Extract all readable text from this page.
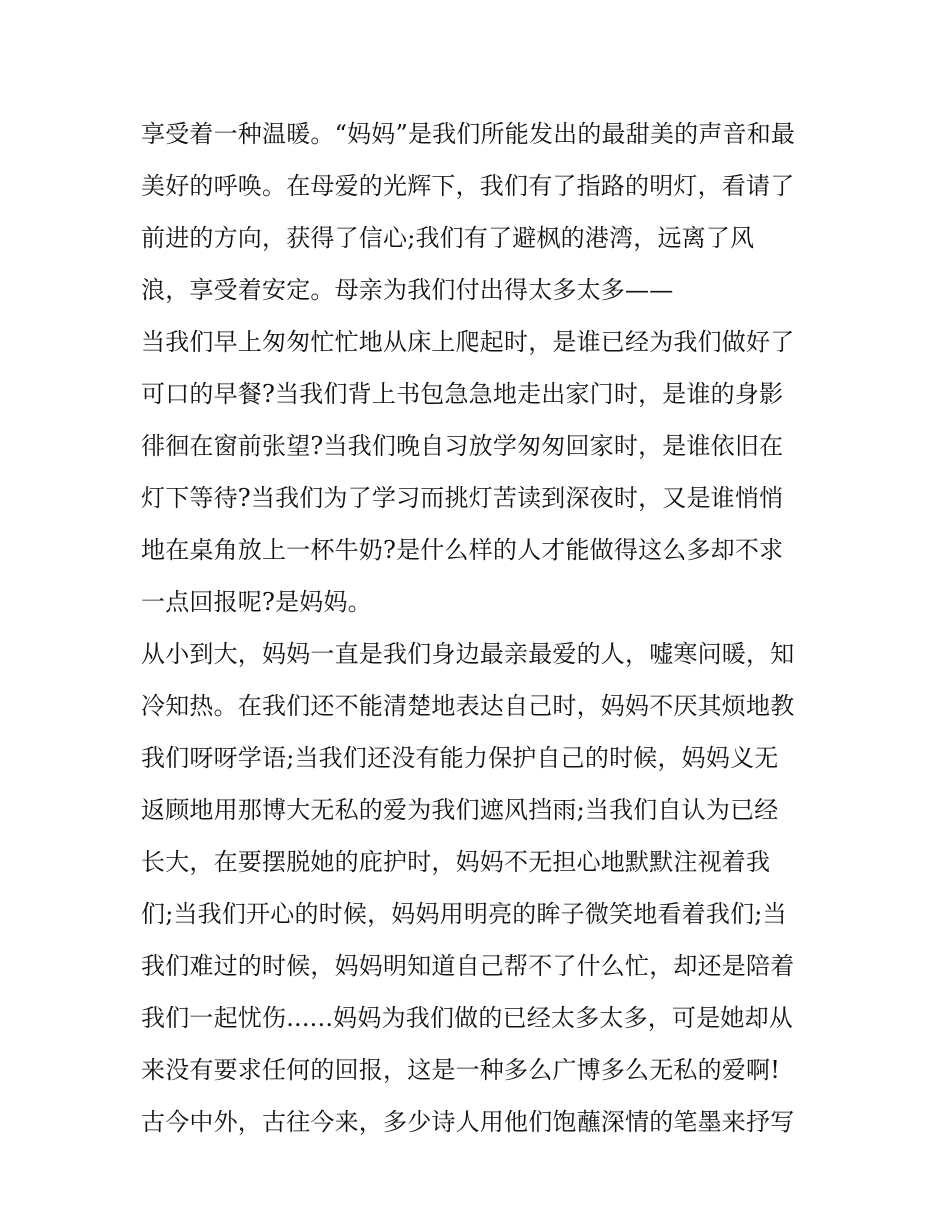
享受着一种温暖。“妈妈”是我们所能发出的最甜美的声音和最
美好的呼唤。在母爱的光辉下，我们有了指路的明灯，看请了
前进的方向，获得了信心;我们有了避枫的港湾，远离了风
浪，享受着安定。母亲为我们付出得太多太多——
当我们早上匆匆忙忙地从床上爬起时，是谁已经为我们做好了
可口的早餐?当我们背上书包急急地走出家门时，是谁的身影
徘徊在窗前张望?当我们晚自习放学匆匆回家时，是谁依旧在
灯下等待?当我们为了学习而挑灯苦读到深夜时，又是谁悄悄
地在桌角放上一杯牛奶?是什么样的人才能做得这么多却不求
一点回报呢?是妈妈。
从小到大，妈妈一直是我们身边最亲最爱的人，嘘寒问暖，知
冷知热。在我们还不能清楚地表达自己时，妈妈不厌其烦地教
我们呀呀学语;当我们还没有能力保护自己的时候，妈妈义无
返顾地用那博大无私的爱为我们遮风挡雨;当我们自认为已经
长大，在要摆脱她的庇护时，妈妈不无担心地默默注视着我
们;当我们开心的时候，妈妈用明亮的眸子微笑地看着我们;当
我们难过的时候，妈妈明知道自己帮不了什么忙，却还是陪着
我们一起忧伤......妈妈为我们做的已经太多太多，可是她却从
来没有要求任何的回报，这是一种多么广博多么无私的爱啊!
古今中外，古往今来，多少诗人用他们饱蘸深情的笔墨来抒写
